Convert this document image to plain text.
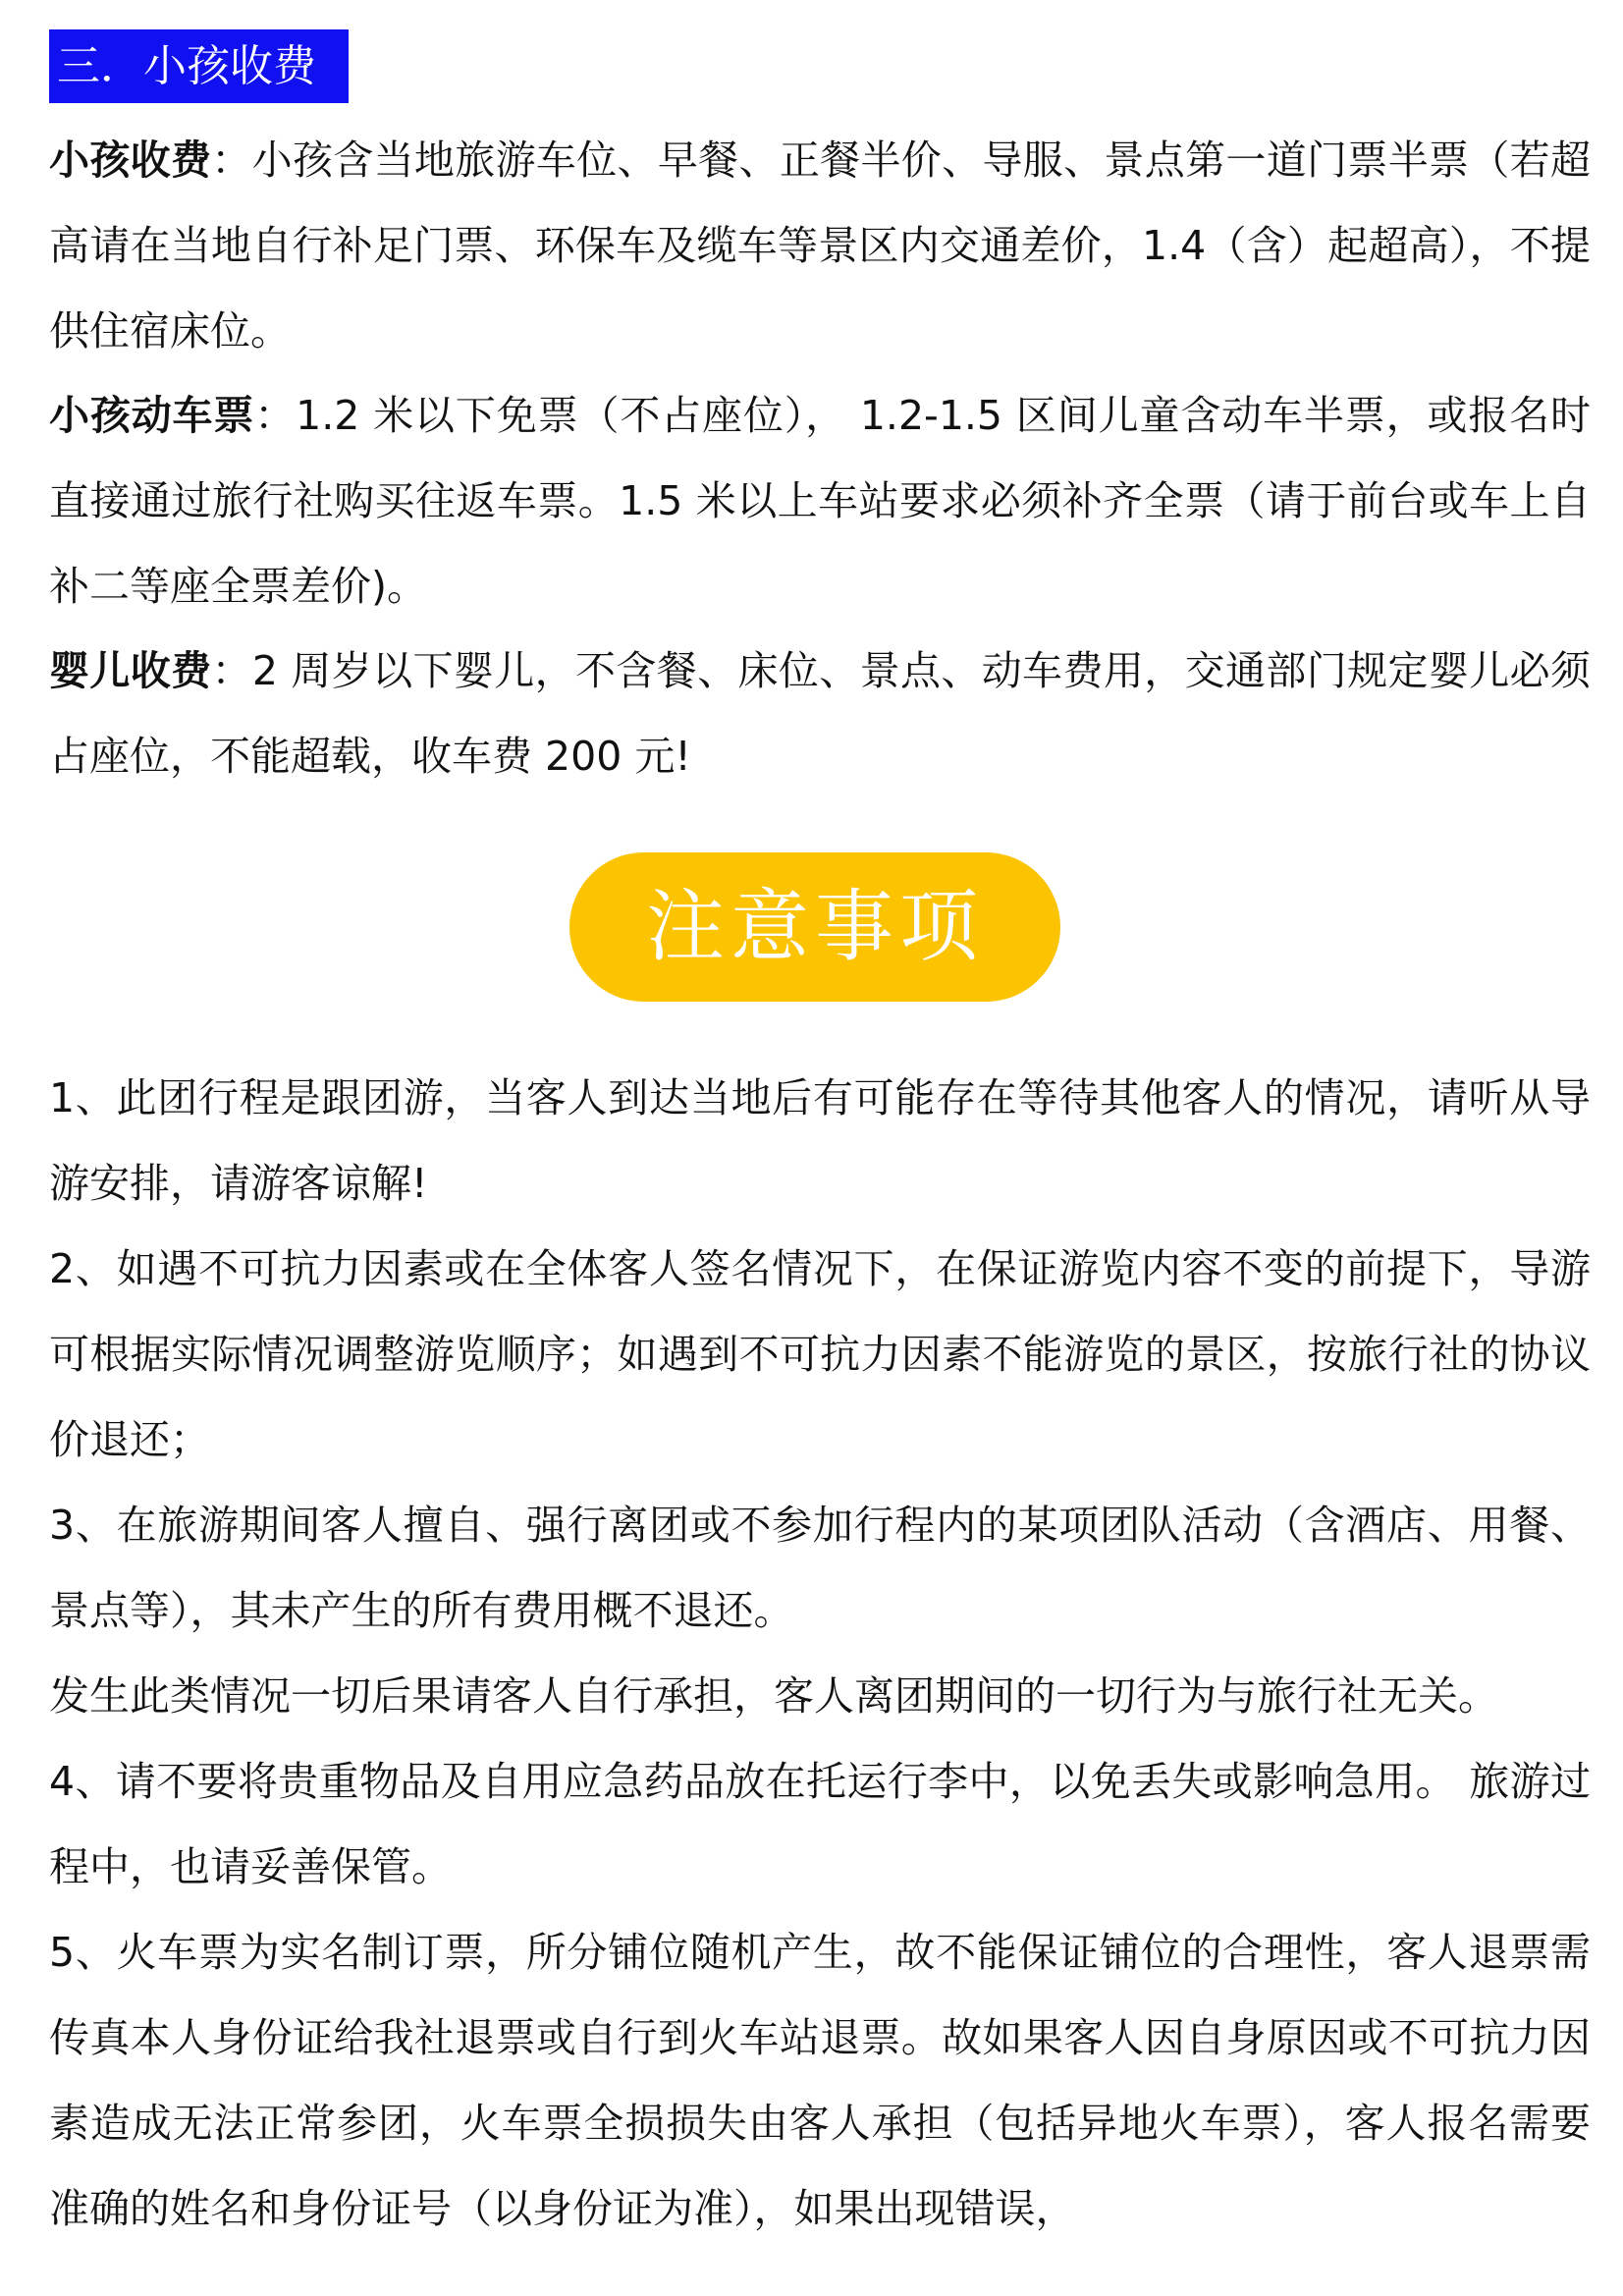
三．小孩收费

小孩收费：小孩含当地旅游车位、早餐、正餐半价、导服、景点第一道门票半票（若超高请在当地自行补足门票、环保车及缆车等景区内交通差价，1.4（含）起超高），不提供住宿床位。

小孩动车票：1.2 米以下免票（不占座位）， 1.2-1.5 区间儿童含动车半票，或报名时直接通过旅行社购买往返车票。1.5 米以上车站要求必须补齐全票（请于前台或车上自补二等座全票差价)。

婴儿收费：2 周岁以下婴儿，不含餐、床位、景点、动车费用，交通部门规定婴儿必须占座位，不能超载，收车费 200 元!

注意事项
1、此团行程是跟团游，当客人到达当地后有可能存在等待其他客人的情况，请听从导游安排，请游客谅解!
2、如遇不可抗力因素或在全体客人签名情况下，在保证游览内容不变的前提下，导游可根据实际情况调整游览顺序；如遇到不可抗力因素不能游览的景区，按旅行社的协议价退还；
3、在旅游期间客人擅自、强行离团或不参加行程内的某项团队活动（含酒店、用餐、景点等），其未产生的所有费用概不退还。
发生此类情况一切后果请客人自行承担，客人离团期间的一切行为与旅行社无关。
4、请不要将贵重物品及自用应急药品放在托运行李中，以免丢失或影响急用。 旅游过程中，也请妥善保管。
5、火车票为实名制订票，所分铺位随机产生，故不能保证铺位的合理性，客人退票需传真本人身份证给我社退票或自行到火车站退票。故如果客人因自身原因或不可抗力因素造成无法正常参团，火车票全损损失由客人承担（包括异地火车票），客人报名需要准确的姓名和身份证号（以身份证为准），如果出现错误，
